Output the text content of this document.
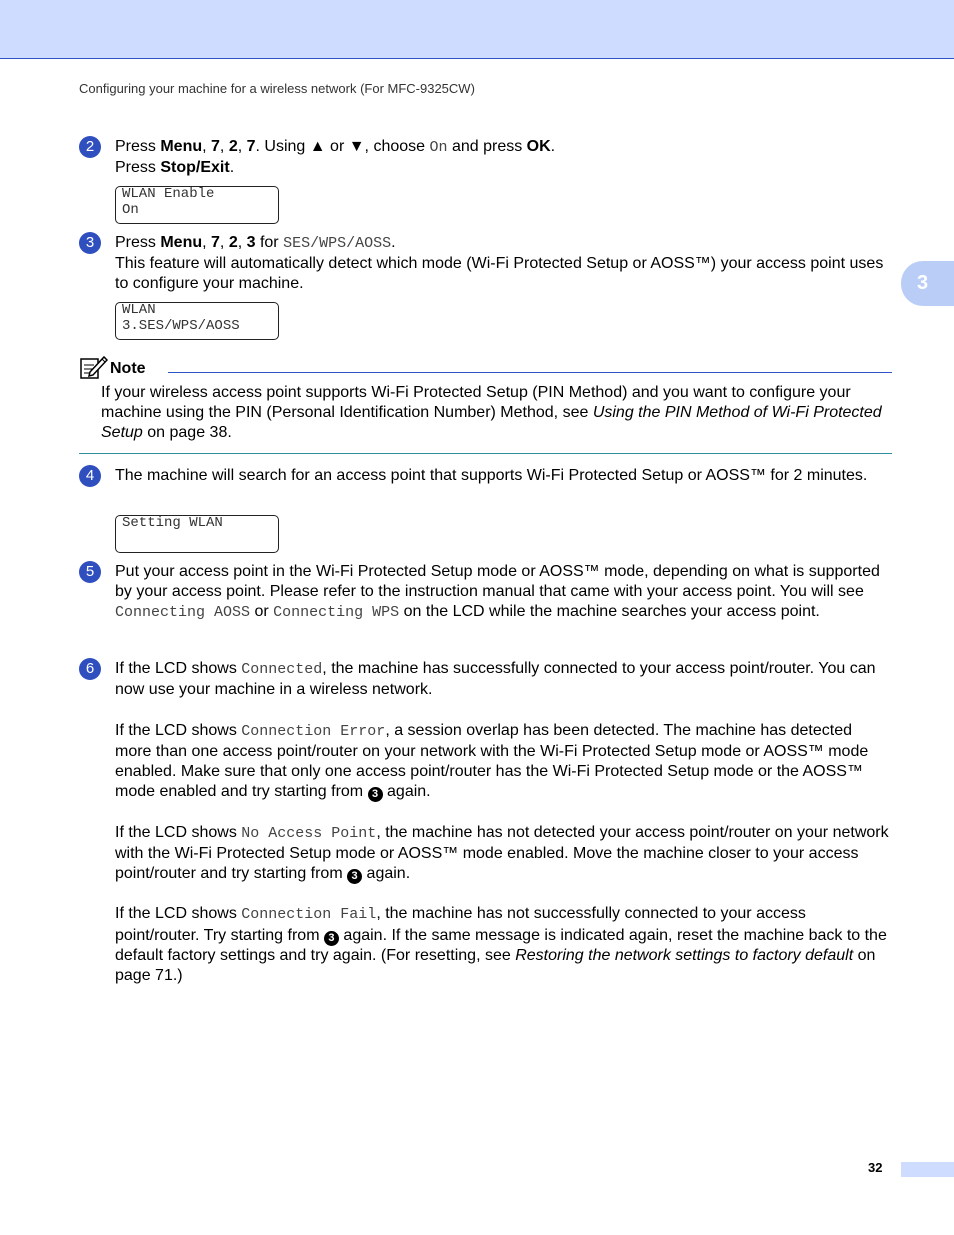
Configuring your machine for a wireless network (For MFC-9325CW)
3
2	Press Menu, 7, 2, 7. Using ▲ or ▼, choose On and press OK.
Press Stop/Exit.
WLAN Enable
On
3	Press Menu, 7, 2, 3 for SES/WPS/AOSS.
This feature will automatically detect which mode (Wi-Fi Protected Setup or AOSS™) your access point uses to configure your machine.
WLAN
3.SES/WPS/AOSS
Note
If your wireless access point supports Wi-Fi Protected Setup (PIN Method) and you want to configure your machine using the PIN (Personal Identification Number) Method, see Using the PIN Method of Wi-Fi Protected Setup on page 38.
4	The machine will search for an access point that supports Wi-Fi Protected Setup or AOSS™ for 2 minutes.
Setting WLAN
5	Put your access point in the Wi-Fi Protected Setup mode or AOSS™ mode, depending on what is supported by your access point. Please refer to the instruction manual that came with your access point. You will see Connecting AOSS or Connecting WPS on the LCD while the machine searches your access point.
6	If the LCD shows Connected, the machine has successfully connected to your access point/router. You can now use your machine in a wireless network.
If the LCD shows Connection Error, a session overlap has been detected. The machine has detected more than one access point/router on your network with the Wi-Fi Protected Setup mode or AOSS™ mode enabled. Make sure that only one access point/router has the Wi-Fi Protected Setup mode or the AOSS™ mode enabled and try starting from 3 again.
If the LCD shows No Access Point, the machine has not detected your access point/router on your network with the Wi-Fi Protected Setup mode or AOSS™ mode enabled. Move the machine closer to your access point/router and try starting from 3 again.
If the LCD shows Connection Fail, the machine has not successfully connected to your access point/router. Try starting from 3 again. If the same message is indicated again, reset the machine back to the default factory settings and try again. (For resetting, see Restoring the network settings to factory default on page 71.)
32
